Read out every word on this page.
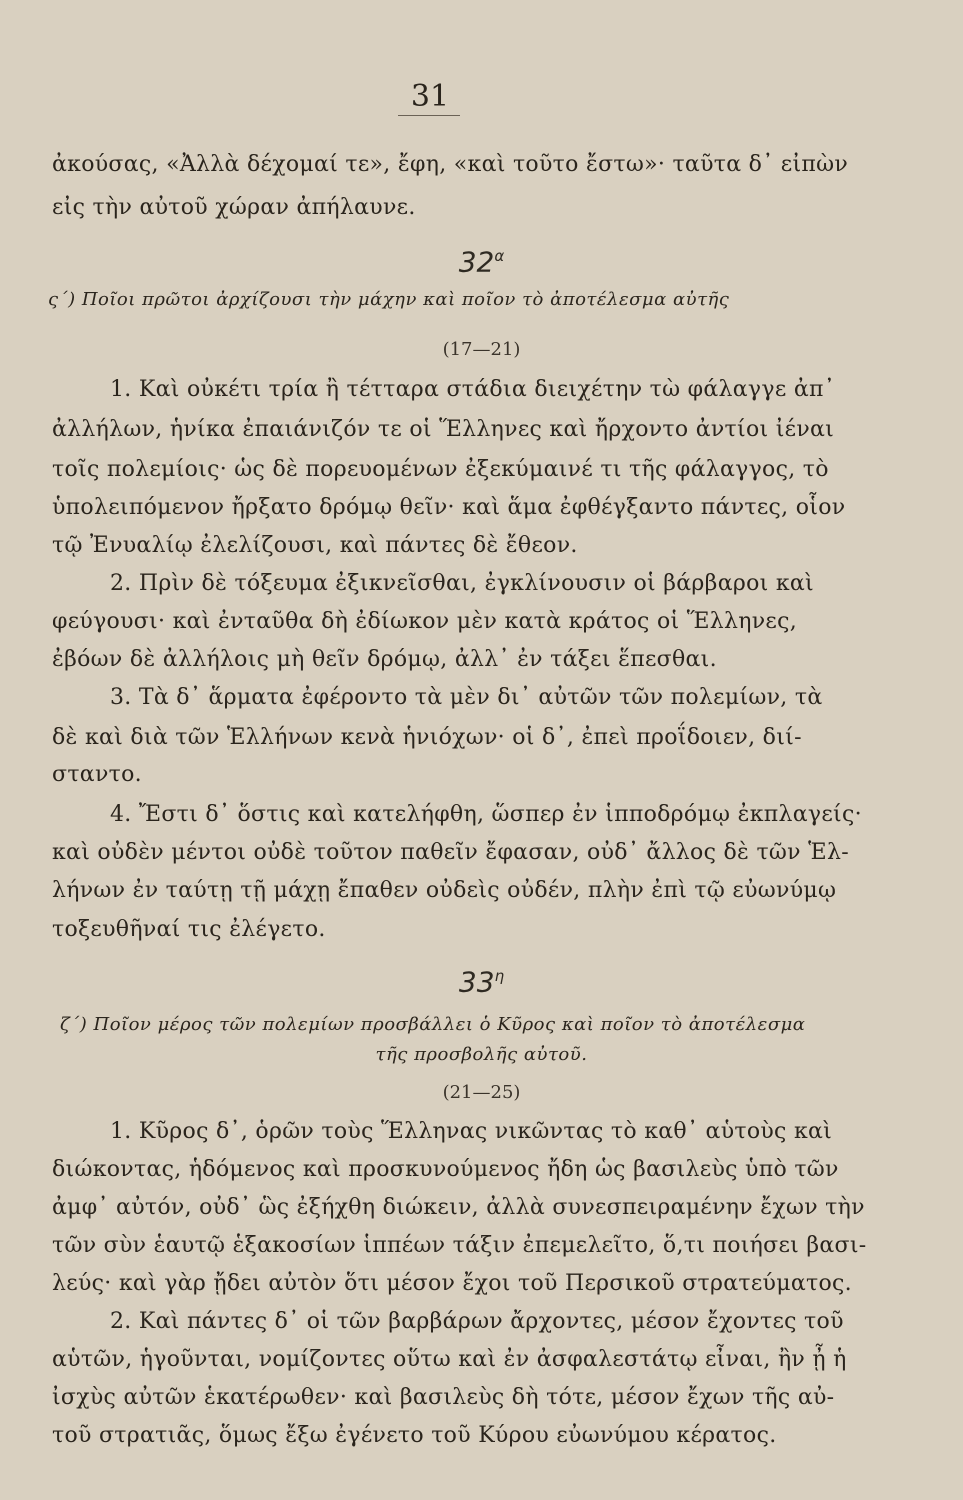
31
ἀκούσας, «Ἀλλὰ δέχομαί τε», ἔφη, «καὶ τοῦτο ἔστω»· ταῦτα δ᾽ εἰπὼν
εἰς τὴν αὐτοῦ χώραν ἀπήλαυνε.
$32^\alpha$
ς΄) Ποῖοι πρῶτοι ἀρχίζουσι τὴν μάχην καὶ ποῖον τὸ ἀποτέλεσμα αὐτῆς
(17—21)
1. Καὶ οὐκέτι τρία ἢ τέτταρα στάδια διειχέτην τὼ φάλαγγε ἀπ᾽
ἀλλήλων, ἡνίκα ἐπαιάνιζόν τε οἱ Ἕλληνες καὶ ἤρχοντο ἀντίοι ἰέναι
τοῖς πολεμίοις· ὡς δὲ πορευομένων ἐξεκύμαινέ τι τῆς φάλαγγος, τὸ
ὑπολειπόμενον ἤρξατο δρόμῳ θεῖν· καὶ ἅμα ἐφθέγξαντο πάντες, οἷον
τῷ Ἐνυαλίῳ ἐλελίζουσι, καὶ πάντες δὲ ἔθεον.
2. Πρὶν δὲ τόξευμα ἐξικνεῖσθαι, ἐγκλίνουσιν οἱ βάρβαροι καὶ
φεύγουσι· καὶ ἐνταῦθα δὴ ἐδίωκον μὲν κατὰ κράτος οἱ Ἕλληνες,
ἐβόων δὲ ἀλλήλοις μὴ θεῖν δρόμῳ, ἀλλ᾽ ἐν τάξει ἕπεσθαι.
3. Τὰ δ᾽ ἅρματα ἐφέροντο τὰ μὲν δι᾽ αὐτῶν τῶν πολεμίων, τὰ
δὲ καὶ διὰ τῶν Ἑλλήνων κενὰ ἡνιόχων· οἱ δ᾽, ἐπεὶ προΐδοιεν, διί-
σταντο.
4. Ἔστι δ᾽ ὅστις καὶ κατελήφθη, ὥσπερ ἐν ἱπποδρόμῳ ἐκπλαγείς·
καὶ οὐδὲν μέντοι οὐδὲ τοῦτον παθεῖν ἔφασαν, οὐδ᾽ ἄλλος δὲ τῶν Ἑλ-
λήνων ἐν ταύτῃ τῇ μάχῃ ἔπαθεν οὐδεὶς οὐδέν, πλὴν ἐπὶ τῷ εὐωνύμῳ
τοξευθῆναί τις ἐλέγετο.
$33^\eta$
ζ΄) Ποῖον μέρος τῶν πολεμίων προσβάλλει ὁ Κῦρος καὶ ποῖον τὸ ἀποτέλεσμα
τῆς προσβολῆς αὐτοῦ.
(21—25)
1. Κῦρος δ᾽, ὁρῶν τοὺς Ἕλληνας νικῶντας τὸ καθ᾽ αὑτοὺς καὶ
διώκοντας, ἡδόμενος καὶ προσκυνούμενος ἤδη ὡς βασιλεὺς ὑπὸ τῶν
ἀμφ᾽ αὐτόν, οὐδ᾽ ὣς ἐξήχθη διώκειν, ἀλλὰ συνεσπειραμένην ἔχων τὴν
τῶν σὺν ἑαυτῷ ἑξακοσίων ἱππέων τάξιν ἐπεμελεῖτο, ὅ,τι ποιήσει βασι-
λεύς· καὶ γὰρ ᾔδει αὐτὸν ὅτι μέσον ἔχοι τοῦ Περσικοῦ στρατεύματος.
2. Καὶ πάντες δ᾽ οἱ τῶν βαρβάρων ἄρχοντες, μέσον ἔχοντες τοῦ
αὑτῶν, ἡγοῦνται, νομίζοντες οὕτω καὶ ἐν ἀσφαλεστάτῳ εἶναι, ἢν ᾖ ἡ
ἰσχὺς αὐτῶν ἑκατέρωθεν· καὶ βασιλεὺς δὴ τότε, μέσον ἔχων τῆς αὐ-
τοῦ στρατιᾶς, ὅμως ἔξω ἐγένετο τοῦ Κύρου εὐωνύμου κέρατος.
